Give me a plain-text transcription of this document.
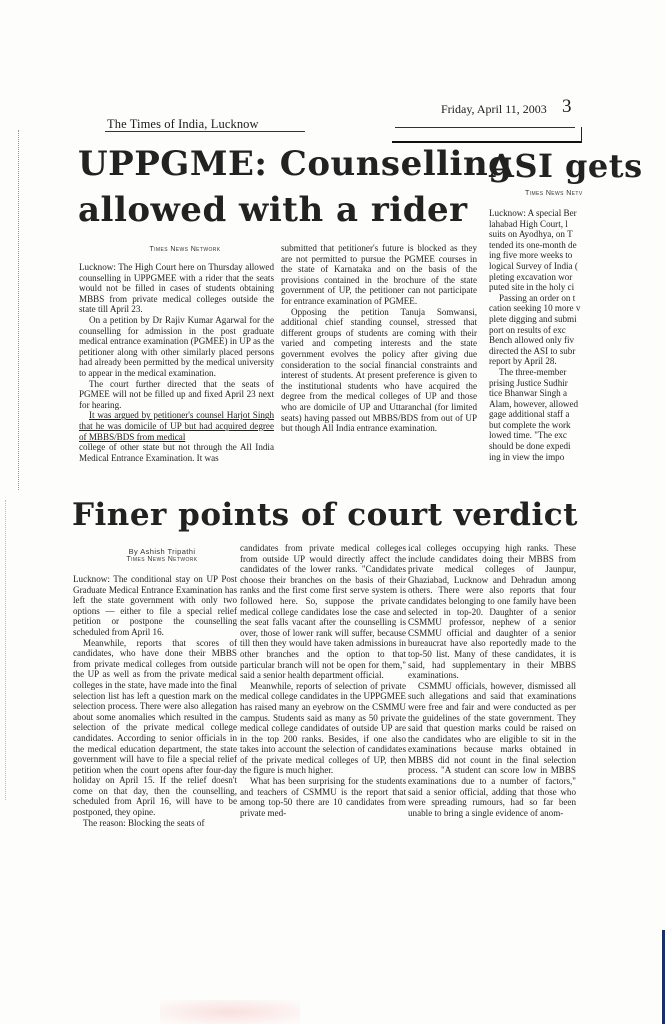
The Times of India, Lucknow
Friday, April 11, 2003 3
UPPGME: Counselling
allowed with a rider
Times News Network

Lucknow: The High Court here on Thursday allowed counselling in UPPGMEE with a rider that the seats would not be filled in cases of students obtaining MBBS from private medical colleges outside the state till April 23.

On a petition by Dr Rajiv Kumar Agarwal for the counselling for admission in the post graduate medical entrance examination (PGMEE) in UP as the petitioner along with other similarly placed persons had already been permitted by the medical university to appear in the medical examination.

The court further directed that the seats of PGMEE will not be filled up and fixed April 23 next for hearing.

It was argued by petitioner's counsel Harjot Singh that he was domicile of UP but had acquired degree of MBBS/BDS from medical

college of other state but not through the All India Medical Entrance Examination. It was

submitted that petitioner's future is blocked as they are not permitted to pursue the PGMEE courses in the state of Karnataka and on the basis of the provisions contained in the brochure of the state government of UP, the petitioner can not participate for entrance examination of PGMEE.

Opposing the petition Tanuja Somwansi, additional chief standing counsel, stressed that different groups of students are coming with their varied and competing interests and the state government evolves the policy after giving due consideration to the social financial constraints and interest of students. At present preference is given to the institutional students who have acquired the degree from the medical colleges of UP and those who are domicile of UP and Uttaranchal (for limited seats) having passed out MBBS/BDS from out of UP but though All India entrance examination.

ASI gets
Times News Netv
Lucknow: A special Ber
lahabad High Court, l
suits on Ayodhya, on T
tended its one-month de
ing five more weeks to
logical Survey of India (
pleting excavation wor
puted site in the holy ci
Passing an order on t
cation seeking 10 more v
plete digging and submi
port on results of exc
Bench allowed only fiv
directed the ASI to subr
report by April 28.
The three-member
prising Justice Sudhir
tice Bhanwar Singh a
Alam, however, allowed
gage additional staff a
but complete the work
lowed time. "The exc
should be done expedi
ing in view the impo
Finer points of court verdict
By Ashish Tripathi
Times News Network

Lucknow: The conditional stay on UP Post Graduate Medical Entrance Examination has left the state government with only two options — either to file a special relief petition or postpone the counselling scheduled from April 16.

Meanwhile, reports that scores of candidates, who have done their MBBS from private medical colleges from outside the UP as well as from the private medical colleges in the state, have made into the final selection list has left a question mark on the selection process. There were also allegation about some anomalies which resulted in the selection of the private medical college candidates. According to senior officials in the medical education department, the state government will have to file a special relief petition when the court opens after four-day holiday on April 15. If the relief doesn't come on that day, then the counselling, scheduled from April 16, will have to be postponed, they opine.

The reason: Blocking the seats of

candidates from private medical colleges from outside UP would directly affect the candidates of the lower ranks. "Candidates choose their branches on the basis of their ranks and the first come first serve system is followed here. So, suppose the private medical college candidates lose the case and the seat falls vacant after the counselling is over, those of lower rank will suffer, because till then they would have taken admissions in other branches and the option to that particular branch will not be open for them," said a senior health department official.

Meanwhile, reports of selection of private medical college candidates in the UPPGMEE has raised many an eyebrow on the CSMMU campus. Students said as many as 50 private medical college candidates of outside UP are in the top 200 ranks. Besides, if one also takes into account the selection of candidates of the private medical colleges of UP, then the figure is much higher.

What has been surprising for the students and teachers of CSMMU is the report that among top-50 there are 10 candidates from private med-

ical colleges occupying high ranks. These include candidates doing their MBBS from private medical colleges of Jaunpur, Ghaziabad, Lucknow and Dehradun among others. There were also reports that four candidates belonging to one family have been selected in top-20. Daughter of a senior CSMMU professor, nephew of a senior CSMMU official and daughter of a senior bureaucrat have also reportedly made to the top-50 list. Many of these candidates, it is said, had supplementary in their MBBS examinations.

CSMMU officials, however, dismissed all such allegations and said that examinations were free and fair and were conducted as per the guidelines of the state government. They said that question marks could be raised on the candidates who are eligible to sit in the examinations because marks obtained in MBBS did not count in the final selection process. "A student can score low in MBBS examinations due to a number of factors," said a senior official, adding that those who were spreading rumours, had so far been unable to bring a single evidence of anom-
